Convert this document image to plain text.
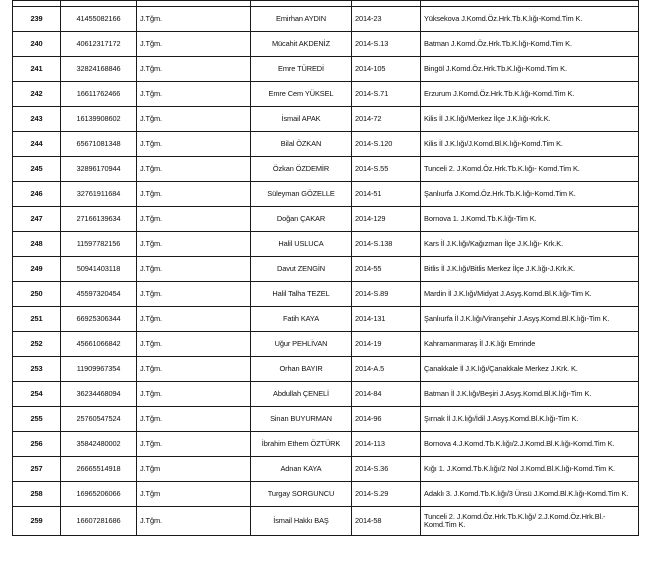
239	41455082166	J.Tğm.	Emirhan AYDIN	2014-23	Yüksekova J.Komd.Öz.Hrk.Tb.K.lığı-Komd.Tim K.
240	40612317172	J.Tğm.	Mücahit AKDENİZ	2014-S.13	Batman J.Komd.Öz.Hrk.Tb.K.lığı-Komd.Tim K.
241	32824168846	J.Tğm.	Emre TÜREDİ	2014-105	Bingöl J.Komd.Öz.Hrk.Tb.K.lığı-Komd.Tim K.
242	16611762466	J.Tğm.	Emre Cem YÜKSEL	2014-S.71	Erzurum J.Komd.Öz.Hrk.Tb.K.lığı-Komd.Tim K.
243	16139908602	J.Tğm.	İsmail APAK	2014-72	Kilis İl J.K.lığı/Merkez İlçe J.K.lığı-Krk.K.
244	65671081348	J.Tğm.	Bilal ÖZKAN	2014-S.120	Kilis İl J.K.lığı/J.Komd.Bl.K.lığı-Komd.Tim K.
245	32896170944	J.Tğm.	Özkan ÖZDEMİR	2014-S.55	Tunceli 2. J.Komd.Öz.Hrk.Tb.K.lığı- Komd.Tim K.
246	32761911684	J.Tğm.	Süleyman GÖZELLE	2014-51	Şanlıurfa J.Komd.Öz.Hrk.Tb.K.lığı-Komd.Tim K.
247	27166139634	J.Tğm.	Doğan ÇAKAR	2014-129	Bornova 1. J.Komd.Tb.K.lığı-Tim K.
248	11597782156	J.Tğm.	Halil USLUCA	2014-S.138	Kars İl J.K.lığı/Kağızman İlçe J.K.lığı- Krk.K.
249	50941403118	J.Tğm.	Davut ZENGİN	2014-55	Bitlis İl J.K.lığı/Bitlis Merkez İlçe J.K.lığı-J.Krk.K.
250	45597320454	J.Tğm.	Halil Talha TEZEL	2014-S.89	Mardin İl J.K.lığı/Midyat J.Asyş.Komd.Bl.K.lığı-Tim K.
251	66925306344	J.Tğm.	Fatih KAYA	2014-131	Şanlıurfa İl J.K.lığı/Viranşehir J.Asyş.Komd.Bl.K.lığı-Tim K.
252	45661066842	J.Tğm.	Uğur PEHLİVAN	2014-19	Kahramanmaraş İl J.K.lığı Emrinde
253	11909967354	J.Tğm.	Orhan BAYIR	2014-A.5	Çanakkale İl J.K.lığı/Çanakkale Merkez J.Krk. K.
254	36234468094	J.Tğm.	Abdullah ÇENELİ	2014-84	Batman İl J.K.lığı/Beşiri J.Asyş.Komd.Bl.K.lığı-Tim K.
255	25760547524	J.Tğm.	Sinan BUYURMAN	2014-96	Şırnak İl J.K.lığı/İdil J.Asyş.Komd.Bl.K.lığı-Tim K.
256	35842480002	J.Tğm.	İbrahim Ethem ÖZTÜRK	2014-113	Bornova 4.J.Komd.Tb.K.lığı/2.J.Komd.Bl.K.lığı-Komd.Tim K.
257	26665514918	J.Tğm	Adnan KAYA	2014-S.36	Kığı 1. J.Komd.Tb.K.lığı/2 Nol J.Komd.Bl.K.lığı-Komd.Tim K.
258	16965206066	J.Tğm	Turgay SORGUNCU	2014-S.29	Adaklı 3. J.Komd.Tb.K.lığı/3 Ünsü J.Komd.Bl.K.lığı-Komd.Tim K.
259	16607281686	J.Tğm.	İsmail Hakkı BAŞ	2014-58	Tunceli 2. J.Komd.Öz.Hrk.Tb.K.lığı/ 2.J.Komd.Öz.Hrk.Bl.-Komd.Tim K.
